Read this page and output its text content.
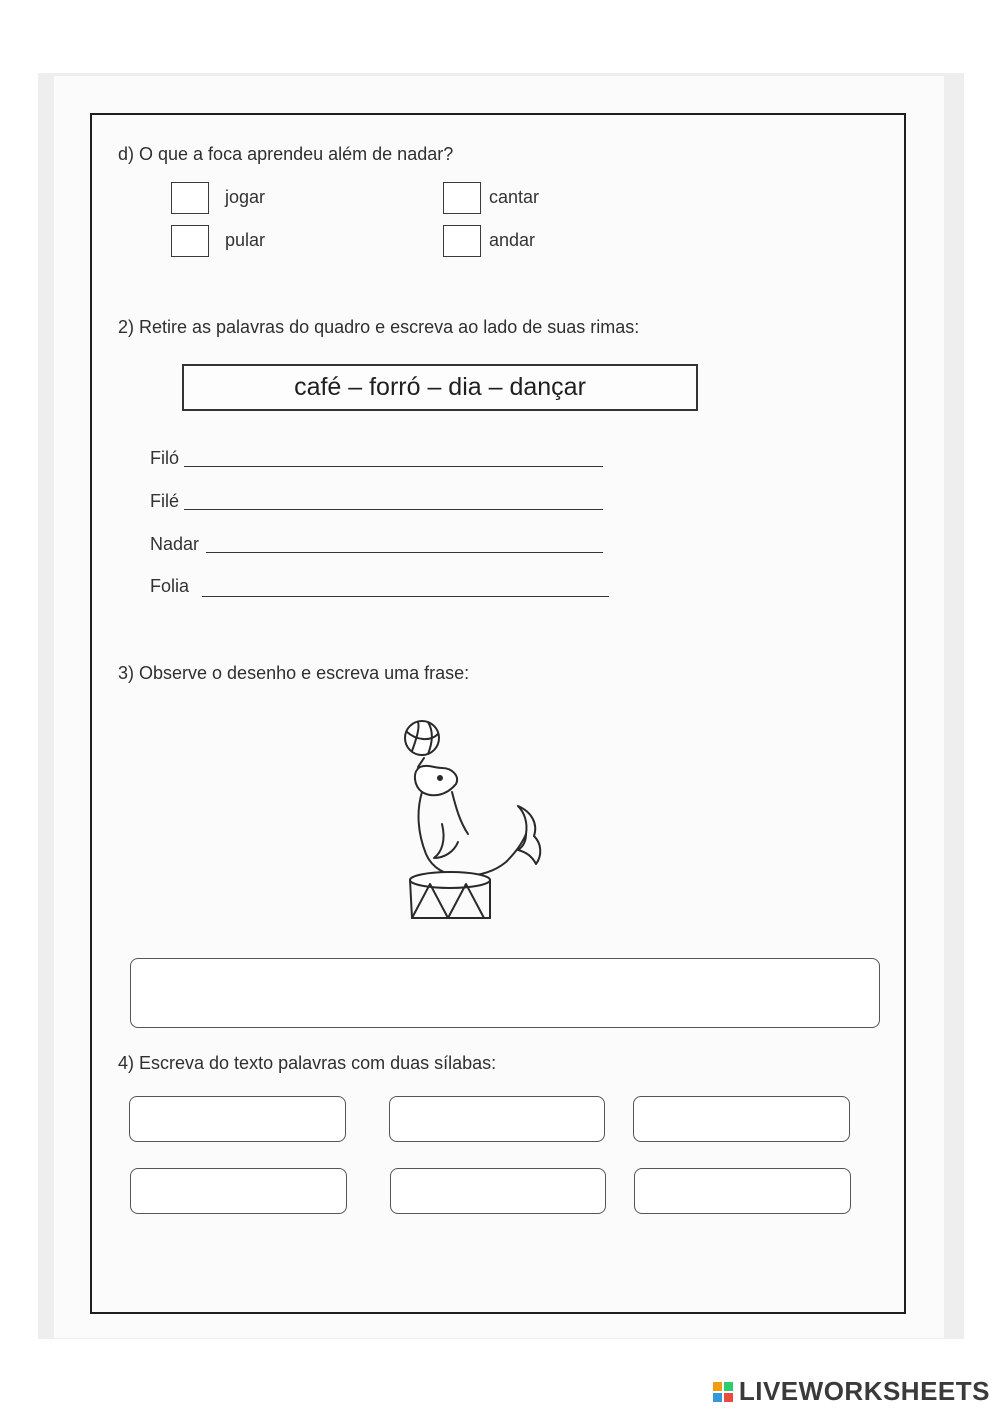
d) O que a foca aprendeu além de nadar?
jogar	cantar
pular	andar
2) Retire as palavras do quadro e escreva ao lado de suas rimas:
café – forró – dia – dançar
Filó
Filé
Nadar
Folia
3) Observe o desenho e escreva uma frase:
4) Escreva do texto palavras com duas sílabas:
LIVEWORKSHEETS
